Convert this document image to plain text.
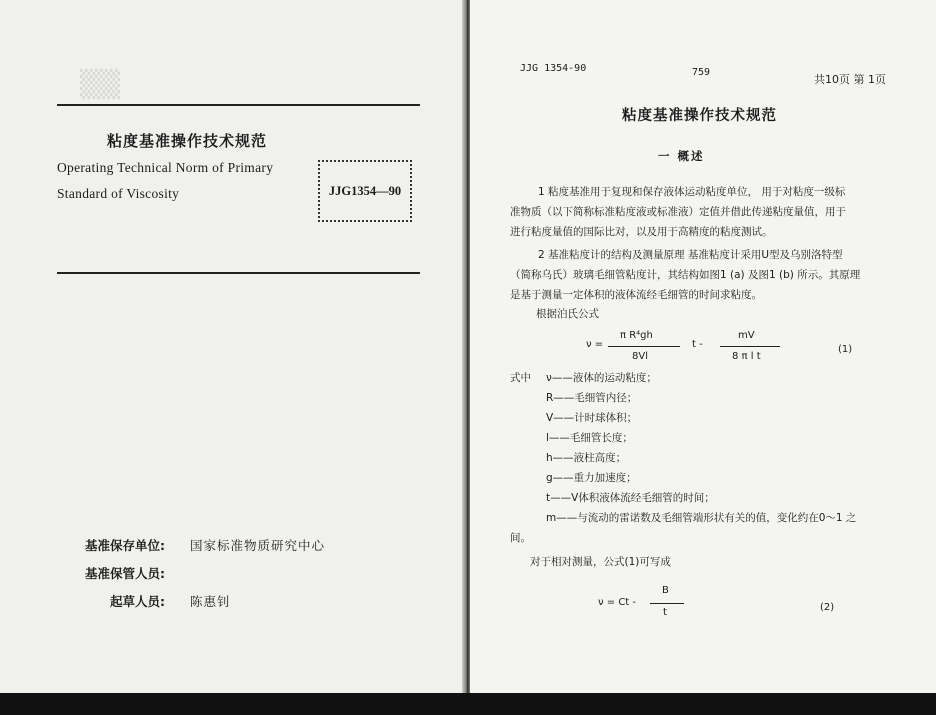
▒▒
粘度基准操作技术规范
Operating Technical Norm of Primary
Standard of Viscosity	JJG1354—90
基准保存单位: 国家标准物质研究中心
基准保管人员:
起草人员: 陈惠钊
JJG 1354-90	759
共10页 第 1页
粘度基准操作技术规范
一 概述
1 粘度基准用于复现和保存液体运动粘度单位， 用于对粘度一级标
准物质（以下简称标准粘度液或标准液）定值并借此传递粘度量值，用于
进行粘度量值的国际比对，以及用于高精度的粘度测试。
2 基准粘度计的结构及测量原理 基准粘度计采用U型及乌别洛特型
（简称乌氏）玻璃毛细管粘度计，其结构如图1 (a) 及图1 (b) 所示。其原理
是基于测量一定体积的液体流经毛细管的时间求粘度。
根据泊氏公式
ν =
π R⁴gh
8Vl
t -
mV
8 π l t
(1)
式中 ν——液体的运动粘度；
R——毛细管内径；
V——计时球体积；
l——毛细管长度；
h——液柱高度；
g——重力加速度；
t——V体积液体流经毛细管的时间；
m——与流动的雷诺数及毛细管端形状有关的值，变化约在0～1 之
间。
对于相对测量，公式(1)可写成
ν = Ct -
B
t	(2)
